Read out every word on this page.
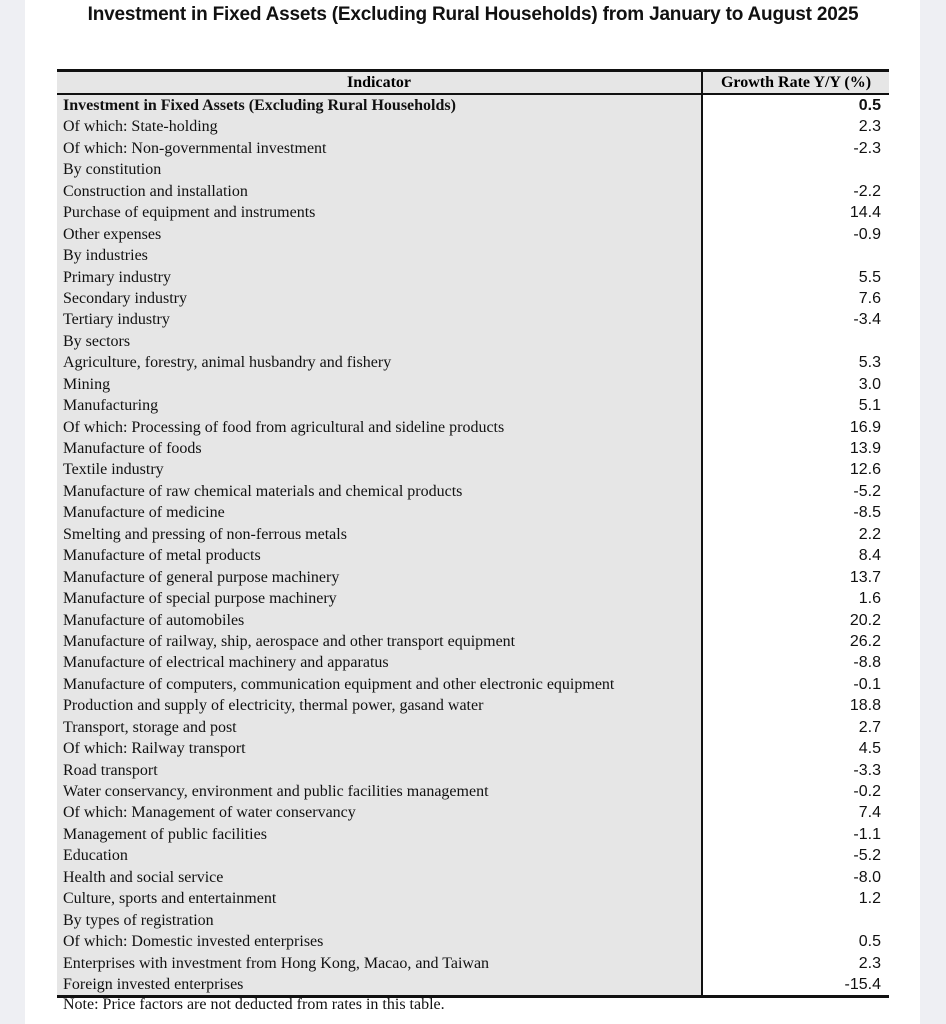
Investment in Fixed Assets (Excluding Rural Households) from January to August 2025
Indicator	Growth Rate Y/Y (%)
Investment in Fixed Assets (Excluding Rural Households)	0.5
Of which: State-holding	2.3
Of which: Non-governmental investment	-2.3
By constitution
Construction and installation	-2.2
Purchase of equipment and instruments	14.4
Other expenses	-0.9
By industries
Primary industry	5.5
Secondary industry	7.6
Tertiary industry	-3.4
By sectors
Agriculture, forestry, animal husbandry and fishery	5.3
Mining	3.0
Manufacturing	5.1
Of which: Processing of food from agricultural and sideline products	16.9
Manufacture of foods	13.9
Textile industry	12.6
Manufacture of raw chemical materials and chemical products	-5.2
Manufacture of medicine	-8.5
Smelting and pressing of non-ferrous metals	2.2
Manufacture of metal products	8.4
Manufacture of general purpose machinery	13.7
Manufacture of special purpose machinery	1.6
Manufacture of automobiles	20.2
Manufacture of railway, ship, aerospace and other transport equipment	26.2
Manufacture of electrical machinery and apparatus	-8.8
Manufacture of computers, communication equipment and other electronic equipment	-0.1
Production and supply of electricity, thermal power, gasand water	18.8
Transport, storage and post	2.7
Of which: Railway transport	4.5
Road transport	-3.3
Water conservancy, environment and public facilities management	-0.2
Of which: Management of water conservancy	7.4
Management of public facilities	-1.1
Education	-5.2
Health and social service	-8.0
Culture, sports and entertainment	1.2
By types of registration
Of which: Domestic invested enterprises	0.5
Enterprises with investment from Hong Kong, Macao, and Taiwan	2.3
Foreign invested enterprises	-15.4
Note: Price factors are not deducted from rates in this table.
